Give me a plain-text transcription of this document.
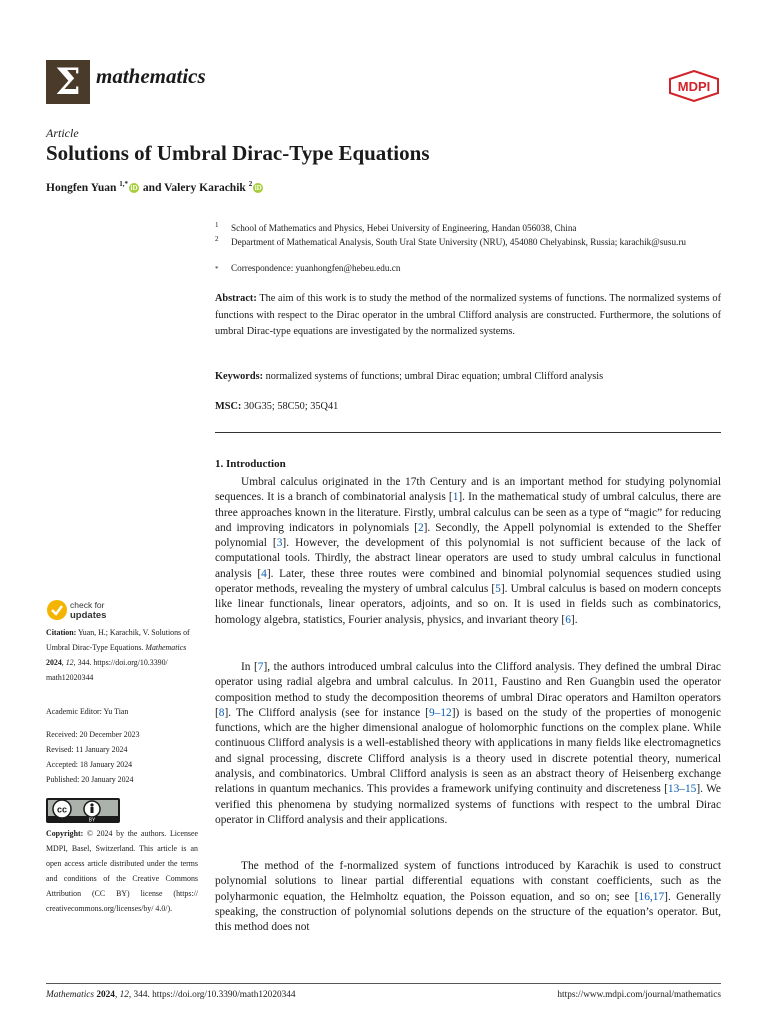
Σ mathematics	MDPI
Article
Solutions of Umbral Dirac-Type Equations
Hongfen Yuan $^{1,*}$ iD and Valery Karachik $^2$ iD
1 School of Mathematics and Physics, Hebei University of Engineering, Handan 056038, China
2 Department of Mathematical Analysis, South Ural State University (NRU), 454080 Chelyabinsk, Russia; karachik@susu.ru
* Correspondence: yuanhongfen@hebeu.edu.cn
Abstract: The aim of this work is to study the method of the normalized systems of functions. The normalized systems of functions with respect to the Dirac operator in the umbral Clifford analysis are constructed. Furthermore, the solutions of umbral Dirac-type equations are investigated by the normalized systems.
Keywords: normalized systems of functions; umbral Dirac equation; umbral Clifford analysis
MSC: 30G35; 58C50; 35Q41
1. Introduction
Umbral calculus originated in the 17th Century and is an important method for studying polynomial sequences. It is a branch of combinatorial analysis [1]. In the mathematical study of umbral calculus, there are three approaches known in the literature. Firstly, umbral calculus can be seen as a type of “magic” for reducing and improving indicators in polynomials [2]. Secondly, the Appell polynomial is extended to the Sheffer polynomial [3]. However, the development of this polynomial is not sufficient because of the lack of computational tools. Thirdly, the abstract linear operators are used to study umbral calculus in functional analysis [4]. Later, these three routes were combined and binomial polynomial sequences studied using operator methods, revealing the mystery of umbral calculus [5]. Umbral calculus is based on modern concepts like linear functionals, linear operators, adjoints, and so on. It is used in fields such as combinatorics, homology algebra, statistics, Fourier analysis, physics, and invariant theory [6].
In [7], the authors introduced umbral calculus into the Clifford analysis. They defined the umbral Dirac operator using radial algebra and umbral calculus. In 2011, Faustino and Ren Guangbin used the operator composition method to study the decomposition theorems of umbral Dirac operators and Hamilton operators [8]. The Clifford analysis (see for instance [9–12]) is based on the study of the properties of monogenic functions, which are the higher dimensional analogue of holomorphic functions on the complex plane. While continuous Clifford analysis is a well-established theory with applications in many fields like electromagnetics and signal processing, discrete Clifford analysis is a theory used in discrete potential theory, numerical analysis, and combinatorics. Umbral Clifford analysis is seen as an abstract theory of Heisenberg exchange relations in quantum mechanics. This provides a framework unifying continuity and discreteness [13–15]. We verified this phenomena by studying normalized systems of functions with respect to the umbral Dirac operator in Clifford analysis and their applications.
The method of the f-normalized system of functions introduced by Karachik is used to construct polynomial solutions to linear partial differential equations with constant coefficients, such as the polyharmonic equation, the Helmholtz equation, the Poisson equation, and so on; see [16,17]. Generally speaking, the construction of polynomial solutions depends on the structure of the equation’s operator. But, this method does not
check for
updates
Citation: Yuan, H.; Karachik, V. Solutions of Umbral Dirac-Type Equations. Mathematics 2024, 12, 344. https://doi.org/10.3390/ math12020344
Academic Editor: Yu Tian
Received: 20 December 2023
Revised: 11 January 2024
Accepted: 18 January 2024
Published: 20 January 2024
cc
BY
Copyright: © 2024 by the authors. Licensee MDPI, Basel, Switzerland. This article is an open access article distributed under the terms and conditions of the Creative Commons Attribution (CC BY) license (https:// creativecommons.org/licenses/by/ 4.0/).
Mathematics 2024, 12, 344. https://doi.org/10.3390/math12020344	https://www.mdpi.com/journal/mathematics
